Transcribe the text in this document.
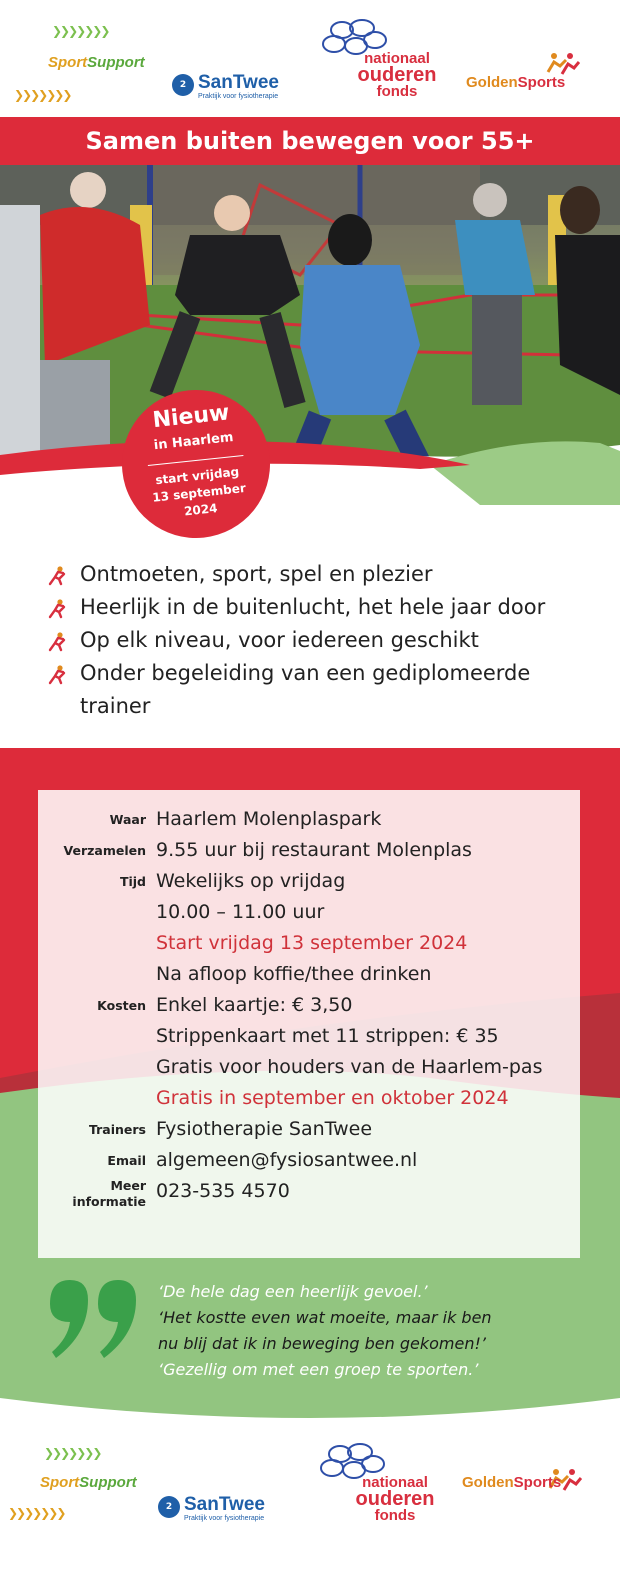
❯❯❯❯❯❯❯
SportSupport
❯❯❯❯❯❯❯
2 SanTwee
Praktijk voor fysiotherapie
nationaal
ouderen
fonds
GoldenSports
Samen buiten bewegen voor 55+
Nieuw
in Haarlem
start vrijdag
13 september
2024
Ontmoeten, sport, spel en plezier
Heerlijk in de buitenlucht, het hele jaar door
Op elk niveau, voor iedereen geschikt
Onder begeleiding van een gediplomeerde trainer
Waar	Haarlem Molenplaspark

Verzamelen	9.55 uur bij restaurant Molenplas

Tijd	Wekelijks op vrijdag
10.00 – 11.00 uur
Start vrijdag 13 september 2024
Na afloop koffie/thee drinken

Kosten	Enkel kaartje: € 3,50
Strippenkaart met 11 strippen: € 35
Gratis voor houders van de Haarlem-pas
Gratis in september en oktober 2024

Trainers	Fysiotherapie SanTwee

Email	algemeen@fysiosantwee.nl

Meer
informatie	023-535 4570
‘De hele dag een heerlijk gevoel.’
‘Het kostte even wat moeite, maar ik ben
nu blij dat ik in beweging ben gekomen!’
‘Gezellig om met een groep te sporten.’
❯❯❯❯❯❯❯
SportSupport
❯❯❯❯❯❯❯	2 SanTwee
Praktijk voor fysiotherapie
nationaal
ouderen
fonds
GoldenSports
